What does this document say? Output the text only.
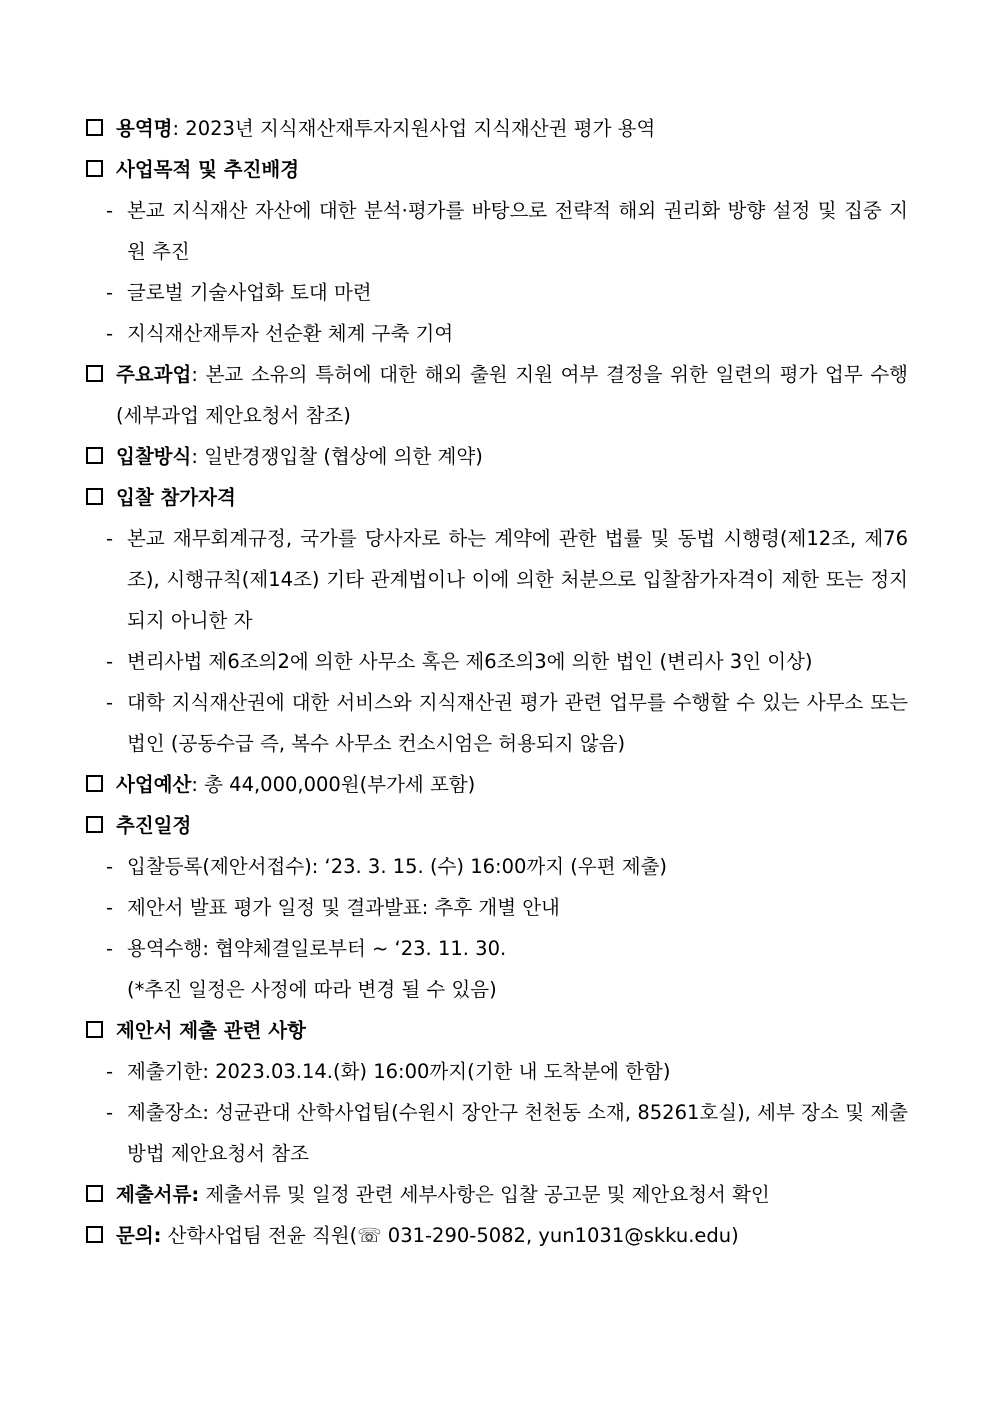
용역명: 2023년 지식재산재투자지원사업 지식재산권 평가 용역
사업목적 및 추진배경
- 본교 지식재산 자산에 대한 분석·평가를 바탕으로 전략적 해외 권리화 방향 설정 및 집중 지원 추진
- 글로벌 기술사업화 토대 마련
- 지식재산재투자 선순환 체계 구축 기여
주요과업: 본교 소유의 특허에 대한 해외 출원 지원 여부 결정을 위한 일련의 평가 업무 수행 (세부과업 제안요청서 참조)
입찰방식: 일반경쟁입찰 (협상에 의한 계약)
입찰 참가자격
- 본교 재무회계규정, 국가를 당사자로 하는 계약에 관한 법률 및 동법 시행령(제12조, 제76조), 시행규칙(제14조) 기타 관계법이나 이에 의한 처분으로 입찰참가자격이 제한 또는 정지되지 아니한 자
- 변리사법 제6조의2에 의한 사무소 혹은 제6조의3에 의한 법인 (변리사 3인 이상)
- 대학 지식재산권에 대한 서비스와 지식재산권 평가 관련 업무를 수행할 수 있는 사무소 또는 법인 (공동수급 즉, 복수 사무소 컨소시엄은 허용되지 않음)
사업예산: 총 44,000,000원(부가세 포함)
추진일정
- 입찰등록(제안서접수): ‘23. 3. 15. (수) 16:00까지 (우편 제출)
- 제안서 발표 평가 일정 및 결과발표: 추후 개별 안내
- 용역수행: 협약체결일로부터 ~ ‘23. 11. 30.
(*추진 일정은 사정에 따라 변경 될 수 있음)
제안서 제출 관련 사항
- 제출기한: 2023.03.14.(화) 16:00까지(기한 내 도착분에 한함)
- 제출장소: 성균관대 산학사업팀(수원시 장안구 천천동 소재, 85261호실), 세부 장소 및 제출방법 제안요청서 참조
제출서류: 제출서류 및 일정 관련 세부사항은 입찰 공고문 및 제안요청서 확인
문의: 산학사업팀 전윤 직원(☏ 031-290-5082, yun1031@skku.edu)
